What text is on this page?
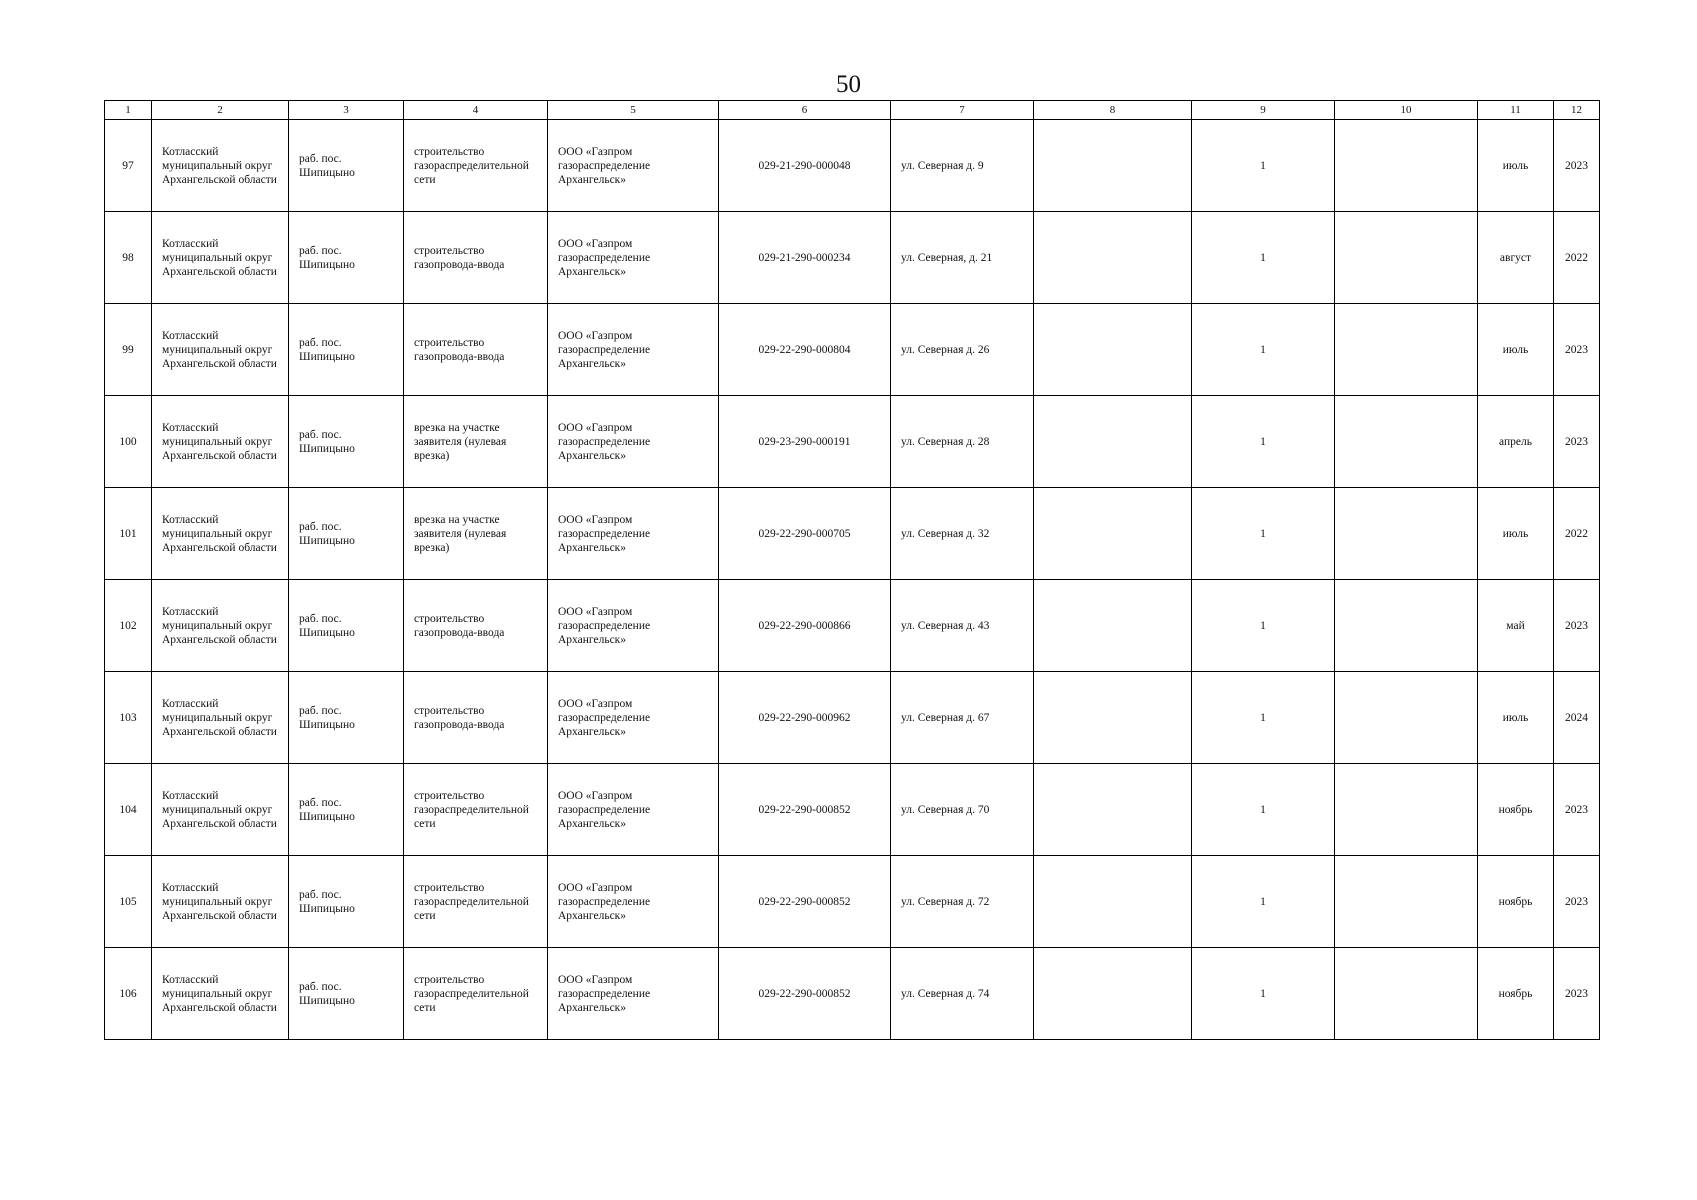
50
1	2	3	4	5	6	7	8	9	10	11	12
97	Котласский муниципальный округ Архангельской области	раб. пос. Шипицыно	строительство газораспределительной сети	ООО «Газпром газораспределение Архангельск»	029-21-290-000048	ул. Северная д. 9		1		июль	2023
98	Котласский муниципальный округ Архангельской области	раб. пос. Шипицыно	строительство газопровода-ввода	ООО «Газпром газораспределение Архангельск»	029-21-290-000234	ул. Северная, д. 21		1		август	2022
99	Котласский муниципальный округ Архангельской области	раб. пос. Шипицыно	строительство газопровода-ввода	ООО «Газпром газораспределение Архангельск»	029-22-290-000804	ул. Северная д. 26		1		июль	2023
100	Котласский муниципальный округ Архангельской области	раб. пос. Шипицыно	врезка на участке заявителя (нулевая врезка)	ООО «Газпром газораспределение Архангельск»	029-23-290-000191	ул. Северная д. 28		1		апрель	2023
101	Котласский муниципальный округ Архангельской области	раб. пос. Шипицыно	врезка на участке заявителя (нулевая врезка)	ООО «Газпром газораспределение Архангельск»	029-22-290-000705	ул. Северная д. 32		1		июль	2022
102	Котласский муниципальный округ Архангельской области	раб. пос. Шипицыно	строительство газопровода-ввода	ООО «Газпром газораспределение Архангельск»	029-22-290-000866	ул. Северная д. 43		1		май	2023
103	Котласский муниципальный округ Архангельской области	раб. пос. Шипицыно	строительство газопровода-ввода	ООО «Газпром газораспределение Архангельск»	029-22-290-000962	ул. Северная д. 67		1		июль	2024
104	Котласский муниципальный округ Архангельской области	раб. пос. Шипицыно	строительство газораспределительной сети	ООО «Газпром газораспределение Архангельск»	029-22-290-000852	ул. Северная д. 70		1		ноябрь	2023
105	Котласский муниципальный округ Архангельской области	раб. пос. Шипицыно	строительство газораспределительной сети	ООО «Газпром газораспределение Архангельск»	029-22-290-000852	ул. Северная д. 72		1		ноябрь	2023
106	Котласский муниципальный округ Архангельской области	раб. пос. Шипицыно	строительство газораспределительной сети	ООО «Газпром газораспределение Архангельск»	029-22-290-000852	ул. Северная д. 74		1		ноябрь	2023
